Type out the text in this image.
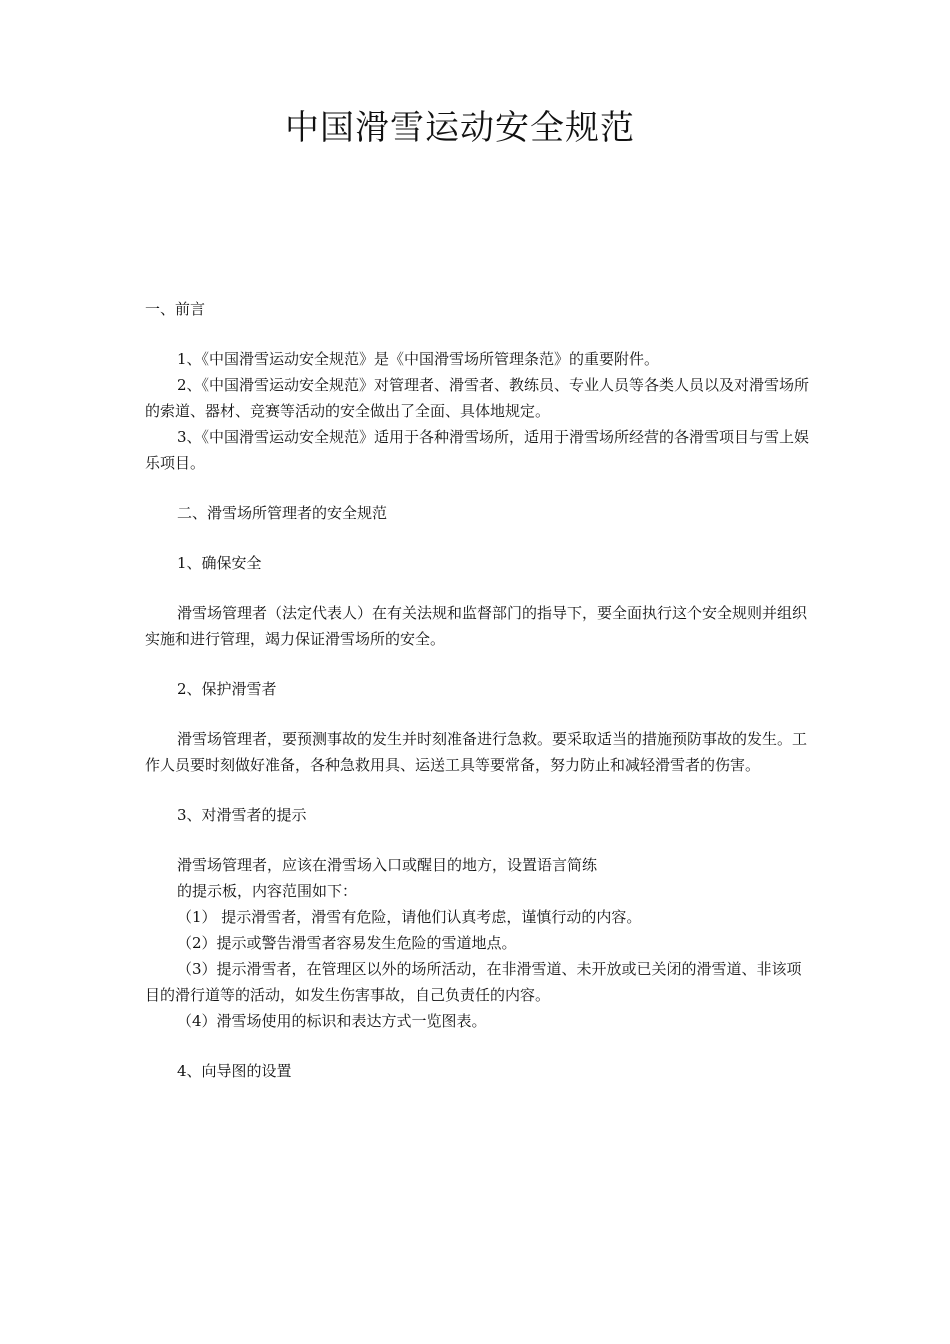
中国滑雪运动安全规范

一、前言

1、《中国滑雪运动安全规范》是《中国滑雪场所管理条范》的重要附件。

2、《中国滑雪运动安全规范》对管理者、滑雪者、教练员、专业人员等各类人员以及对滑雪场所的索道、器材、竞赛等活动的安全做出了全面、具体地规定。

3、《中国滑雪运动安全规范》适用于各种滑雪场所，适用于滑雪场所经营的各滑雪项目与雪上娱乐项目。

二、滑雪场所管理者的安全规范

1、确保安全

滑雪场管理者（法定代表人）在有关法规和监督部门的指导下，要全面执行这个安全规则并组织实施和进行管理，竭力保证滑雪场所的安全。

2、保护滑雪者

滑雪场管理者，要预测事故的发生并时刻准备进行急救。要采取适当的措施预防事故的发生。工作人员要时刻做好准备，各种急救用具、运送工具等要常备，努力防止和减轻滑雪者的伤害。

3、对滑雪者的提示

滑雪场管理者，应该在滑雪场入口或醒目的地方，设置语言简练

的提示板，内容范围如下：

（1） 提示滑雪者，滑雪有危险，请他们认真考虑，谨慎行动的内容。

（2）提示或警告滑雪者容易发生危险的雪道地点。

（3）提示滑雪者，在管理区以外的场所活动，在非滑雪道、未开放或已关闭的滑雪道、非该项目的滑行道等的活动，如发生伤害事故，自己负责任的内容。

（4）滑雪场使用的标识和表达方式一览图表。

4、向导图的设置
